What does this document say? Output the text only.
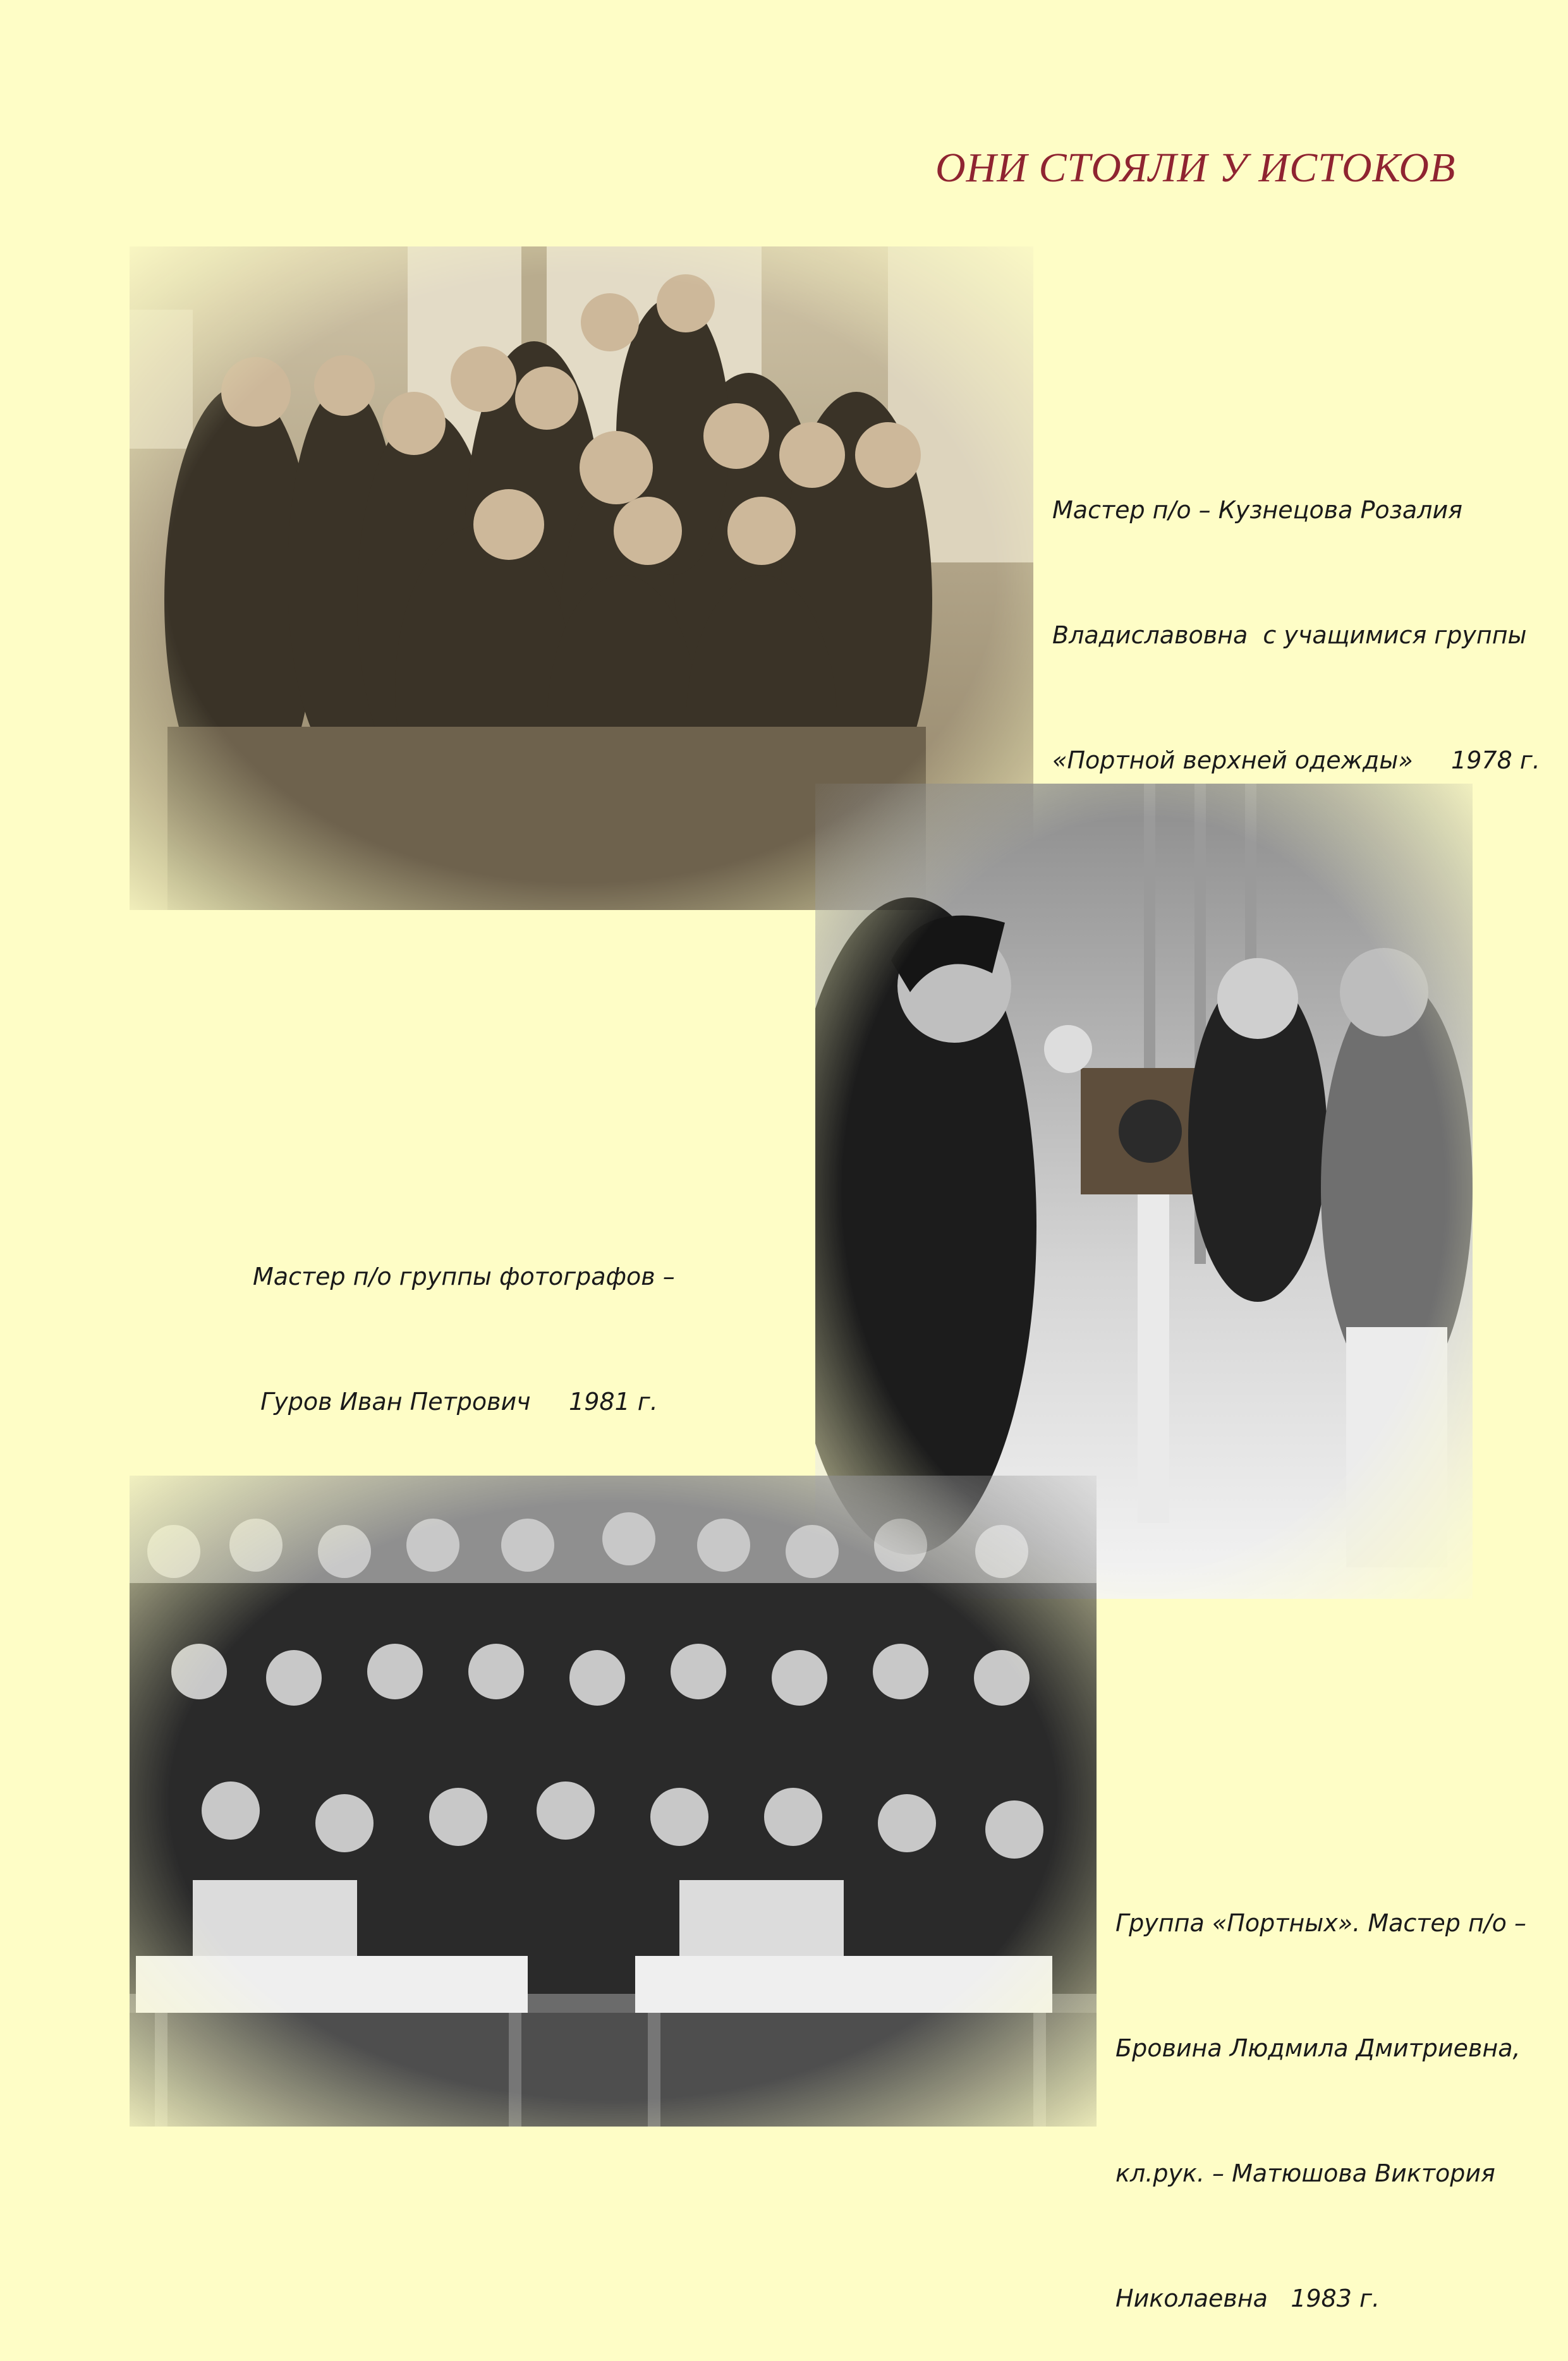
ОНИ СТОЯЛИ У ИСТОКОВ

Мастер п/о – Кузнецова Розалия

Владиславовна  с учащимися группы

«Портной верхней одежды»     1978 г.

Мастер п/о группы фотографов –

Гуров Иван Петрович     1981 г.

Группа «Портных». Мастер п/о –

Бровина Людмила Дмитриевна,

кл.рук. – Матюшова Виктория

Николаевна   1983 г.
